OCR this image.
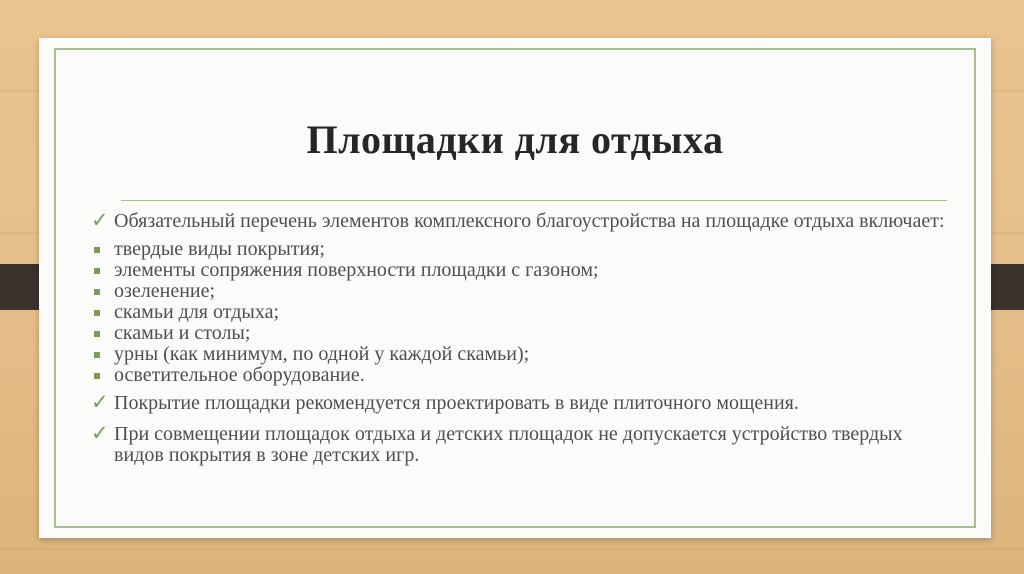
Площадки для отдыха
✓ Обязательный перечень элементов комплексного благоустройства на площадке отдыха включает:
твердые виды покрытия;
элементы сопряжения поверхности площадки с газоном;
озеленение;
скамьи для отдыха;
скамьи и столы;
урны (как минимум, по одной у каждой скамьи);
осветительное оборудование.
✓ Покрытие площадки рекомендуется проектировать в виде плиточного мощения.
✓ При совмещении площадок отдыха и детских площадок не допускается устройство твердых видов покрытия в зоне детских игр.
